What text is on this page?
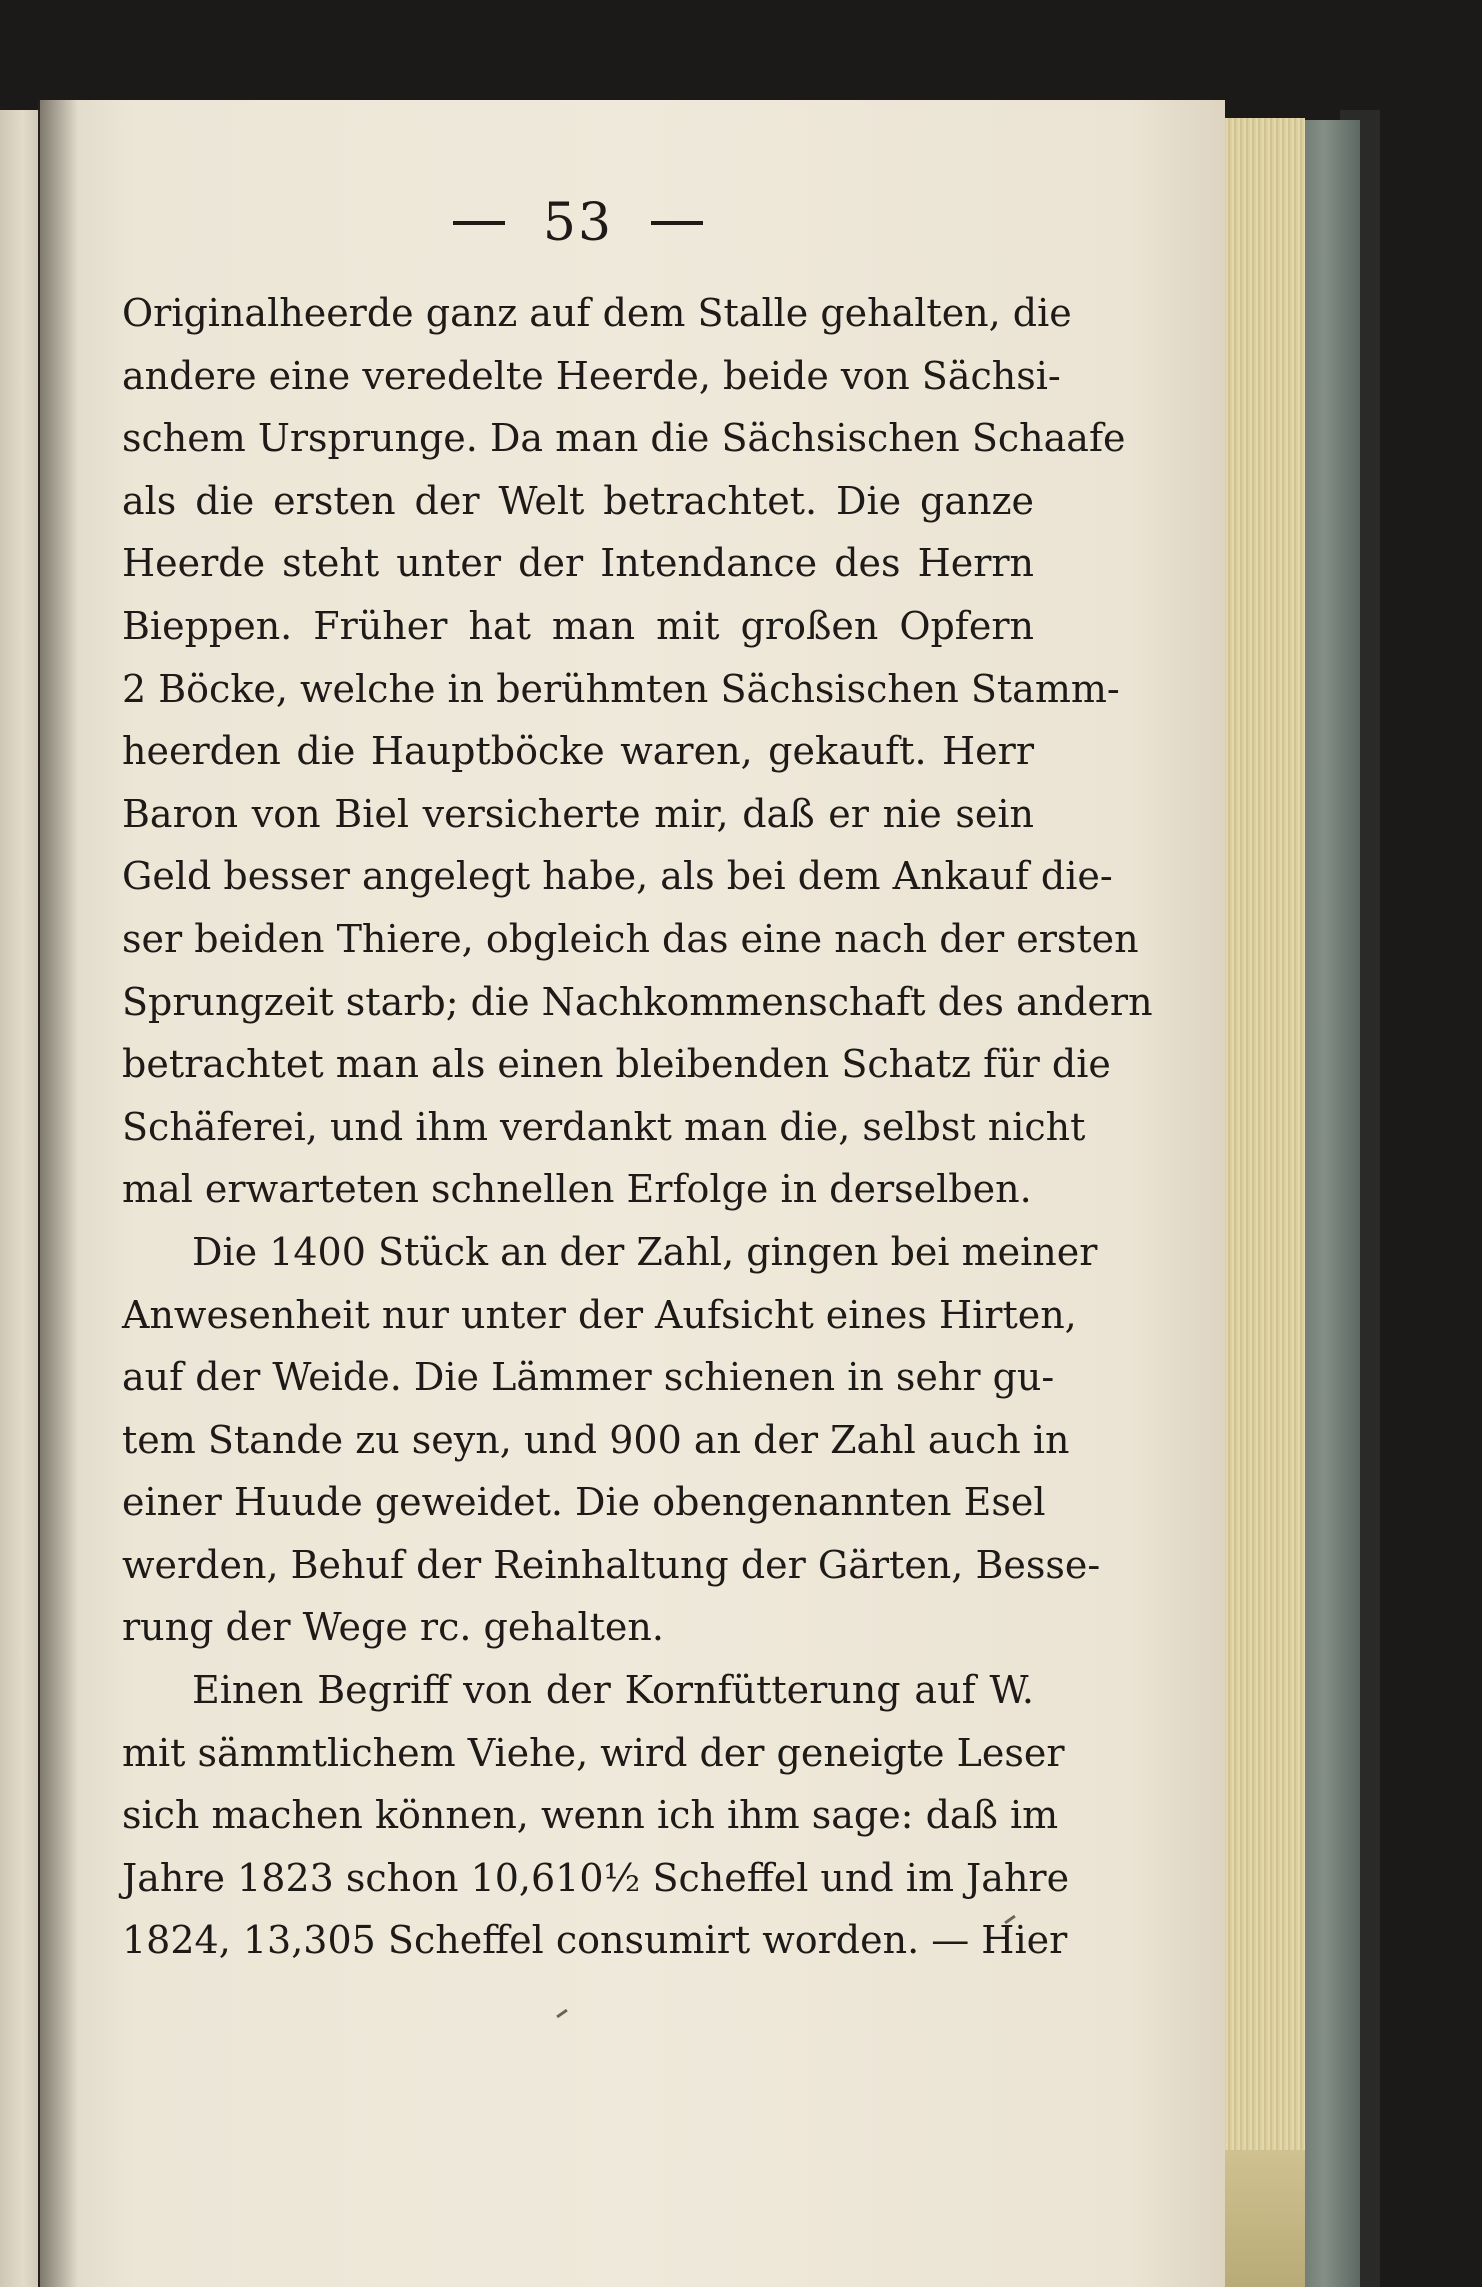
53
Originalheerde ganz auf dem Stalle gehalten, die
andere eine veredelte Heerde, beide von Sächsi-
schem Ursprunge. Da man die Sächsischen Schaafe
als die ersten der Welt betrachtet. Die ganze
Heerde steht unter der Intendance des Herrn
Bieppen. Früher hat man mit großen Opfern
2 Böcke, welche in berühmten Sächsischen Stamm-
heerden die Hauptböcke waren, gekauft. Herr
Baron von Biel versicherte mir, daß er nie sein
Geld besser angelegt habe, als bei dem Ankauf die-
ser beiden Thiere, obgleich das eine nach der ersten
Sprungzeit starb; die Nachkommenschaft des andern
betrachtet man als einen bleibenden Schatz für die
Schäferei, und ihm verdankt man die, selbst nicht
mal erwarteten schnellen Erfolge in derselben.
Die 1400 Stück an der Zahl, gingen bei meiner
Anwesenheit nur unter der Aufsicht eines Hirten,
auf der Weide. Die Lämmer schienen in sehr gu-
tem Stande zu seyn, und 900 an der Zahl auch in
einer Huude geweidet. Die obengenannten Esel
werden, Behuf der Reinhaltung der Gärten, Besse-
rung der Wege rc. gehalten.
Einen Begriff von der Kornfütterung auf W.
mit sämmtlichem Viehe, wird der geneigte Leser
sich machen können, wenn ich ihm sage: daß im
Jahre 1823 schon 10,610½ Scheffel und im Jahre
1824, 13,305 Scheffel consumirt worden. — Hier
